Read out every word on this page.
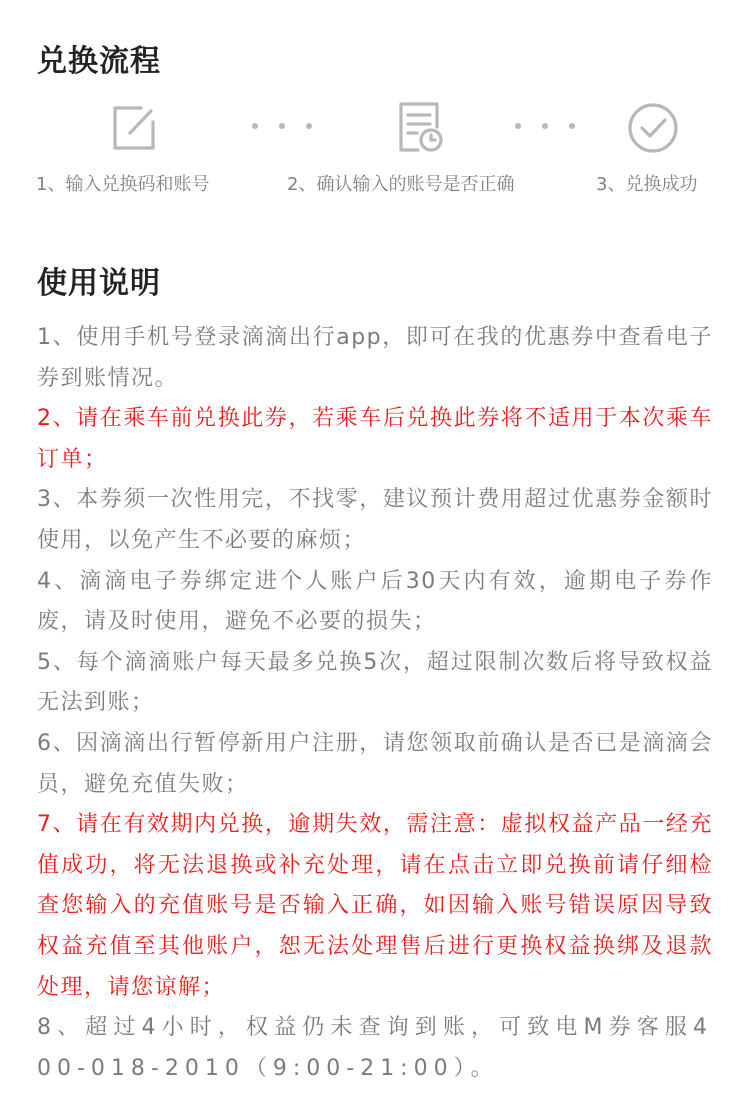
兑换流程
1、输入兑换码和账号	2、确认输入的账号是否正确	3、兑换成功
使用说明
1、使用手机号登录滴滴出行app，即可在我的优惠券中查看电子券到账情况。
2、请在乘车前兑换此券，若乘车后兑换此券将不适用于本次乘车订单；
3、本券须一次性用完，不找零，建议预计费用超过优惠券金额时使用，以免产生不必要的麻烦；
4、滴滴电子券绑定进个人账户后30天内有效，逾期电子券作废，请及时使用，避免不必要的损失；
5、每个滴滴账户每天最多兑换5次，超过限制次数后将导致权益无法到账；
6、因滴滴出行暂停新用户注册，请您领取前确认是否已是滴滴会员，避免充值失败；
7、请在有效期内兑换，逾期失效，需注意：虚拟权益产品一经充值成功，将无法退换或补充处理，请在点击立即兑换前请仔细检查您输入的充值账号是否输入正确，如因输入账号错误原因导致权益充值至其他账户，恕无法处理售后进行更换权益换绑及退款处理，请您谅解；
8、超过4小时，权益仍未查询到账，可致电M券客服400-018-2010（9:00-21:00）。
